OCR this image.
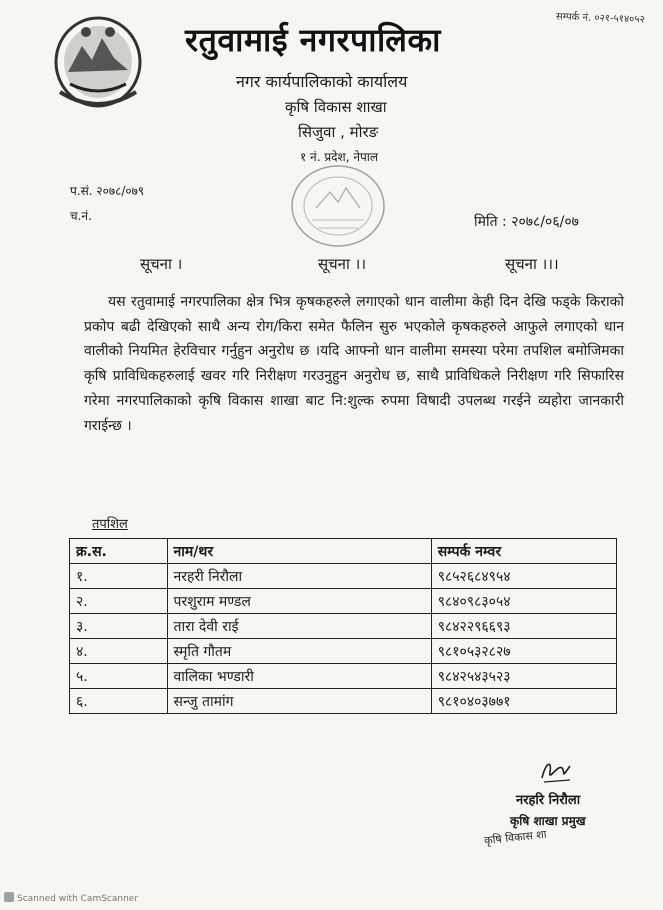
सम्पर्क नं. ०२१-५१४०५२
रतुवामाई नगरपालिका
नगर कार्यपालिकाको कार्यालय
कृषि विकास शाखा
सिजुवा , मोरङ
१ नं. प्रदेश, नेपाल
प.सं. २०७८/०७९
च.नं.	मिति : २०७८/०६/०७
सूचना ।	सूचना ।।	सूचना ।।।
यस रतुवामाई नगरपालिका क्षेत्र भित्र कृषकहरुले लगाएको धान वालीमा केही दिन देखि फड्के किराको प्रकोप बढी देखिएको साथै अन्य रोग/किरा समेत फैलिन सुरु भएकोले कृषकहरुले आफुले लगाएको धान वालीको नियमित हेरविचार गर्नुहुन अनुरोध छ ।यदि आफ्नो धान वालीमा समस्या परेमा तपशिल बमोजिमका कृषि प्राविधिकहरुलाई खवर गरि निरीक्षण गरउनुहुन अनुरोध छ, साथै प्राविधिकले निरीक्षण गरि सिफारिस गरेमा नगरपालिकाको कृषि विकास शाखा बाट नि:शुल्क रुपमा विषादी उपलब्ध गरईने व्यहोरा जानकारी गराईन्छ ।
तपशिल
क्र.स.	नाम/थर	सम्पर्क नम्वर
१.	नरहरी निरौला	९८५२६८४९५४
२.	परशुराम मण्डल	९८४०९८३०५४
३.	तारा देवी राई	९८४२२९६६९३
४.	स्मृति गौतम	९८१०५३२८२७
५.	वालिका भण्डारी	९८४२५४३५२३
६.	सन्जु तामांग	९८१०४०३७७१
नरहरि निरौला
कृषि शाखा प्रमुख
कृषि विकास शा
Scanned with CamScanner
